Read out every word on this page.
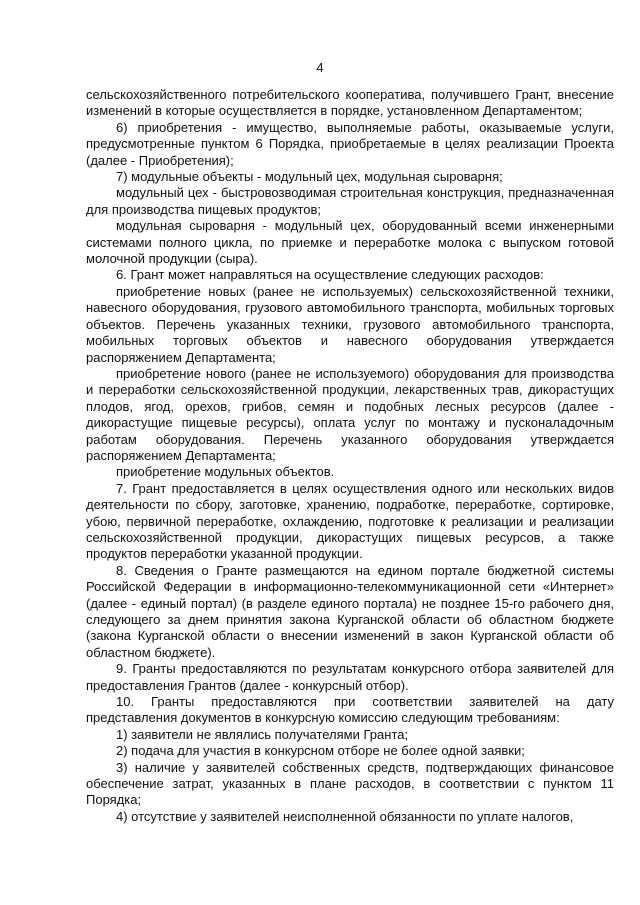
4

сельскохозяйственного потребительского кооператива, получившего Грант, внесение изменений в которые осуществляется в порядке, установленном Департаментом;

6) приобретения - имущество, выполняемые работы, оказываемые услуги, предусмотренные пунктом 6 Порядка, приобретаемые в целях реализации Проекта (далее - Приобретения);

7) модульные объекты - модульный цех, модульная сыроварня;

модульный цех - быстровозводимая строительная конструкция, предназначенная для производства пищевых продуктов;

модульная сыроварня - модульный цех, оборудованный всеми инженерными системами полного цикла, по приемке и переработке молока с выпуском готовой молочной продукции (сыра).

6. Грант может направляться на осуществление следующих расходов:

приобретение новых (ранее не используемых) сельскохозяйственной техники, навесного оборудования, грузового автомобильного транспорта, мобильных торговых объектов. Перечень указанных техники, грузового автомобильного транспорта, мобильных торговых объектов и навесного оборудования утверждается распоряжением Департамента;

приобретение нового (ранее не используемого) оборудования для производства и переработки сельскохозяйственной продукции, лекарственных трав, дикорастущих плодов, ягод, орехов, грибов, семян и подобных лесных ресурсов (далее - дикорастущие пищевые ресурсы), оплата услуг по монтажу и пусконаладочным работам оборудования. Перечень указанного оборудования утверждается распоряжением Департамента;

приобретение модульных объектов.

7. Грант предоставляется в целях осуществления одного или нескольких видов деятельности по сбору, заготовке, хранению, подработке, переработке, сортировке, убою, первичной переработке, охлаждению, подготовке к реализации и реализации сельскохозяйственной продукции, дикорастущих пищевых ресурсов, а также продуктов переработки указанной продукции.

8. Сведения о Гранте размещаются на едином портале бюджетной системы Российской Федерации в информационно-телекоммуникационной сети «Интернет» (далее - единый портал) (в разделе единого портала) не позднее 15-го рабочего дня, следующего за днем принятия закона Курганской области об областном бюджете (закона Курганской области о внесении изменений в закон Курганской области об областном бюджете).

9. Гранты предоставляются по результатам конкурсного отбора заявителей для предоставления Грантов (далее - конкурсный отбор).

10. Гранты предоставляются при соответствии заявителей на дату представления документов в конкурсную комиссию следующим требованиям:

1) заявители не являлись получателями Гранта;

2) подача для участия в конкурсном отборе не более одной заявки;

3) наличие у заявителей собственных средств, подтверждающих финансовое обеспечение затрат, указанных в плане расходов, в соответствии с пунктом 11 Порядка;

4) отсутствие у заявителей неисполненной обязанности по уплате налогов,
